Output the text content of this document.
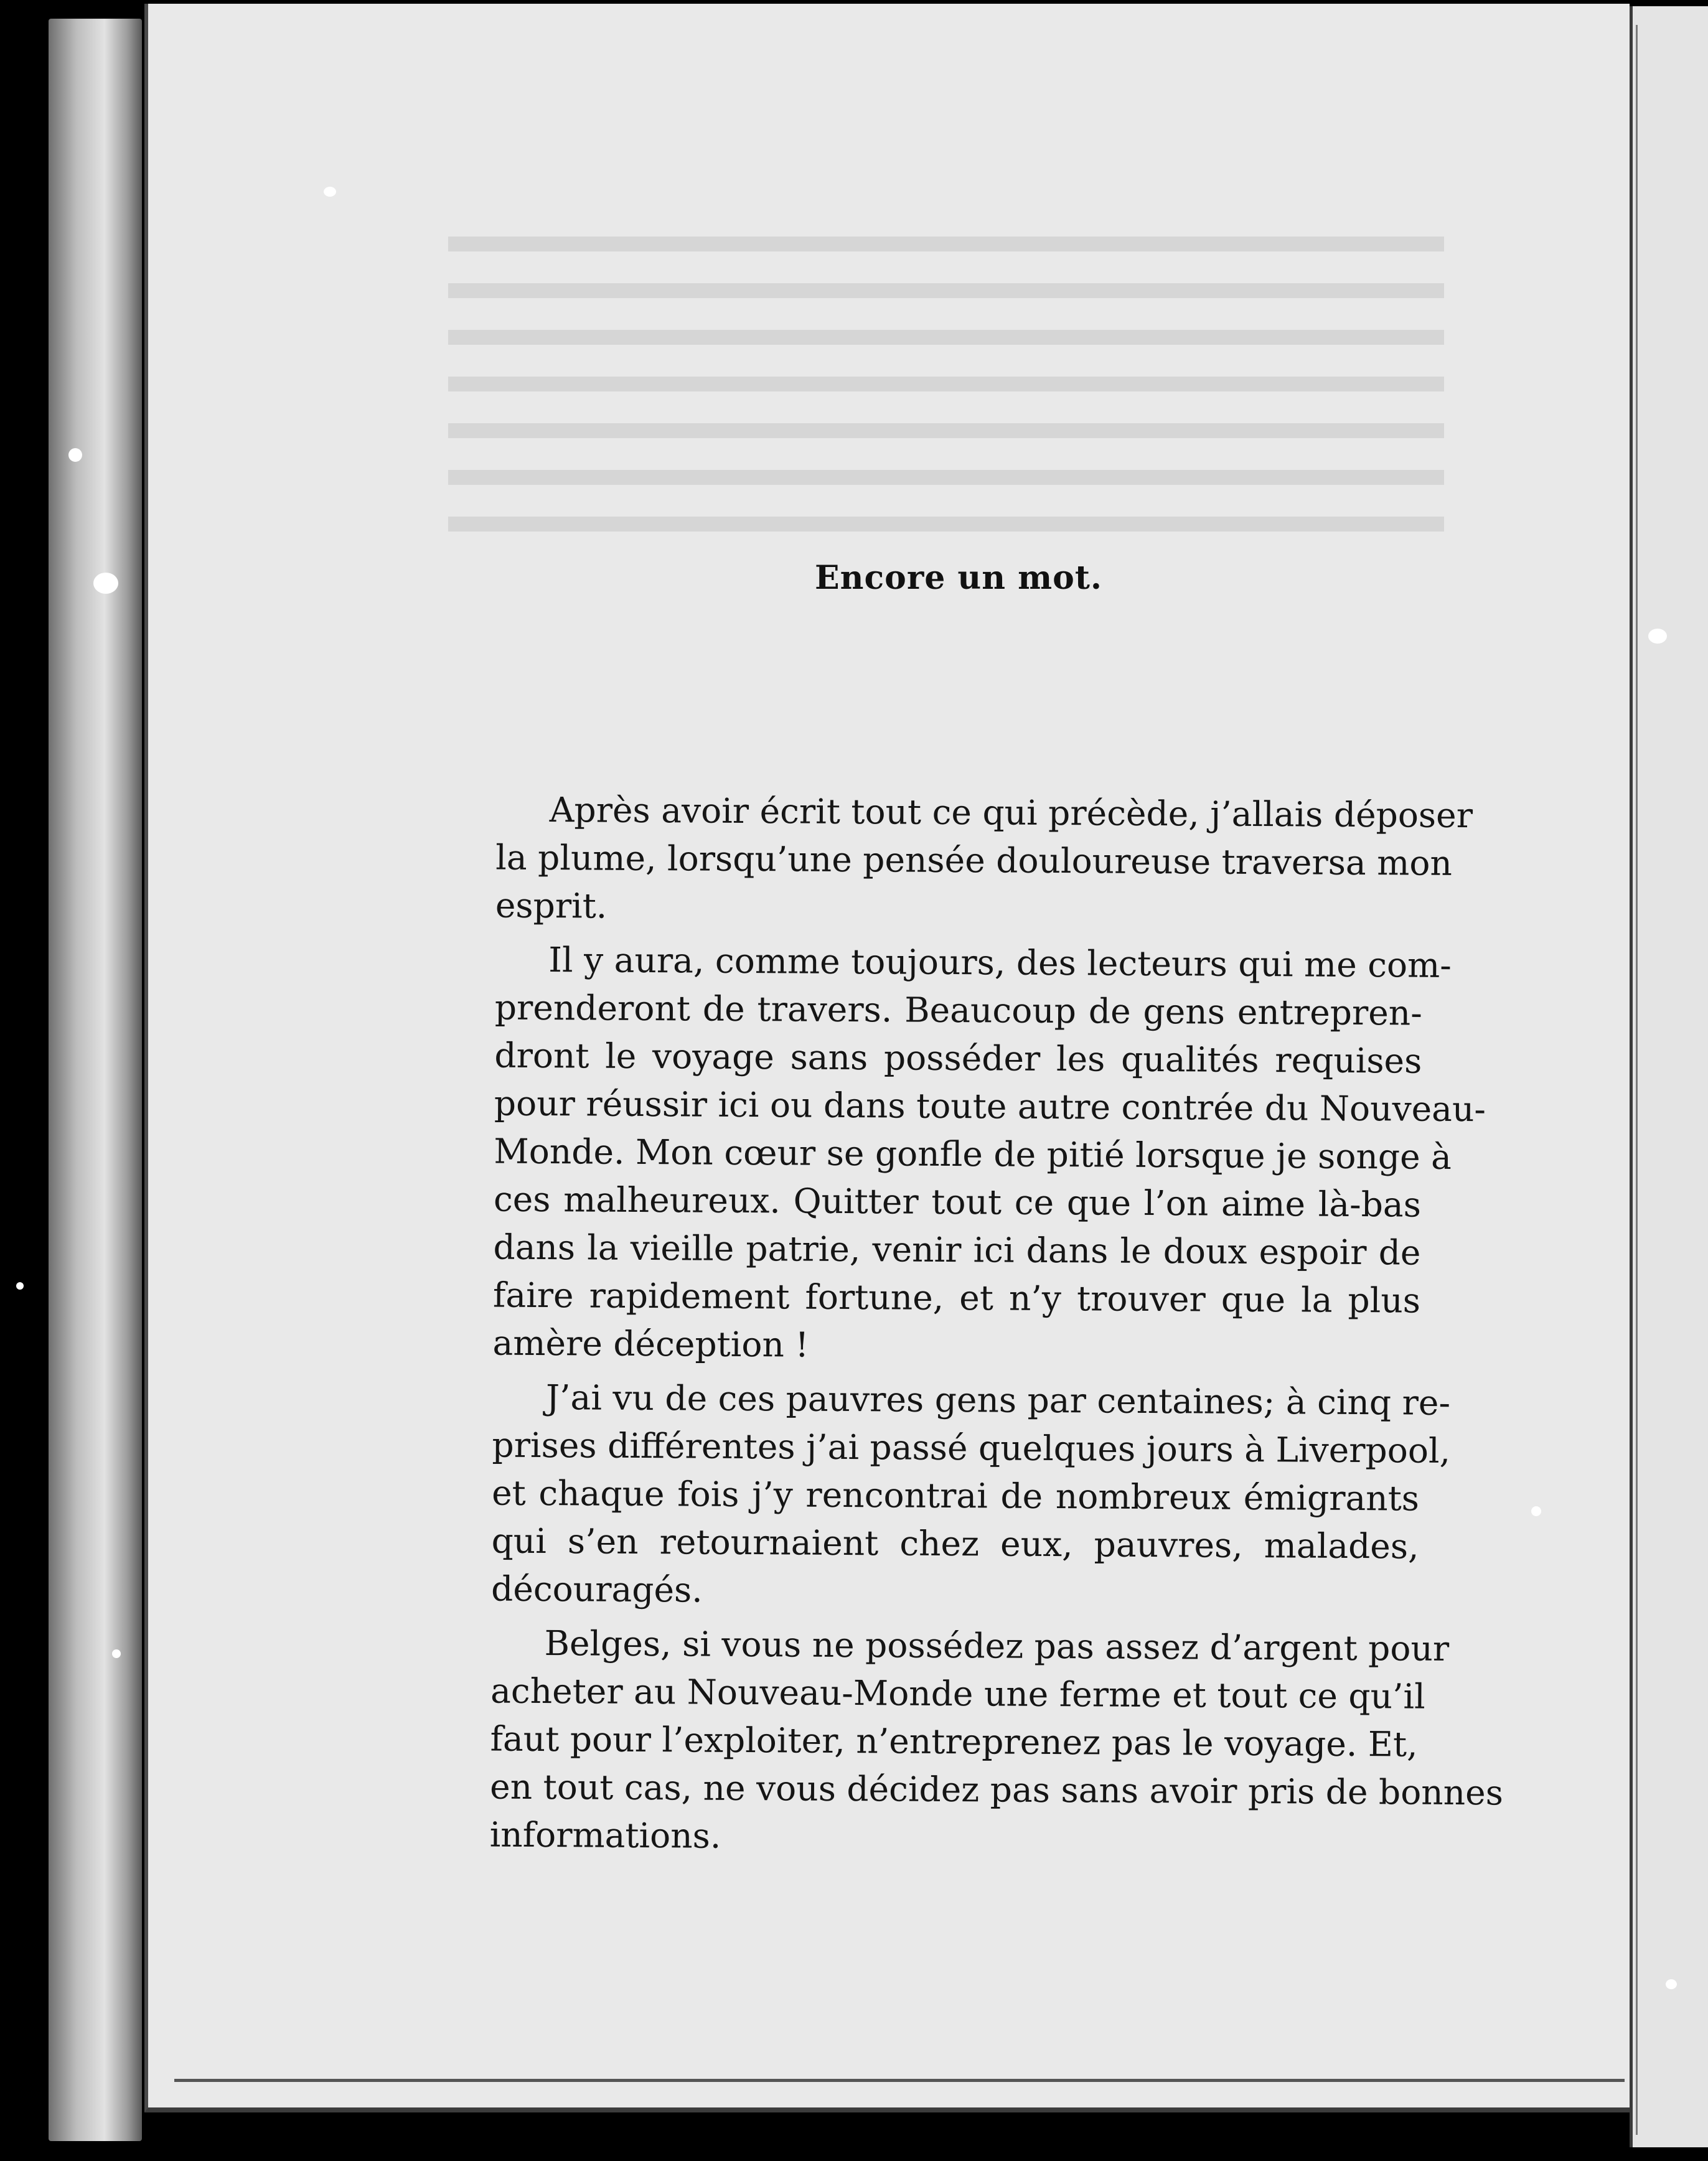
Encore un mot.
Après avoir écrit tout ce qui précède, j’allais déposer
la plume, lorsqu’une pensée douloureuse traversa mon
esprit.
Il y aura, comme toujours, des lecteurs qui me com-
prenderont de travers. Beaucoup de gens entrepren-
dront le voyage sans posséder les qualités requises
pour réussir ici ou dans toute autre contrée du Nouveau-
Monde. Mon cœur se gonfle de pitié lorsque je songe à
ces malheureux. Quitter tout ce que l’on aime là-bas
dans la vieille patrie, venir ici dans le doux espoir de
faire rapidement fortune, et n’y trouver que la plus
amère déception !
J’ai vu de ces pauvres gens par centaines; à cinq re-
prises différentes j’ai passé quelques jours à Liverpool,
et chaque fois j’y rencontrai de nombreux émigrants
qui s’en retournaient chez eux, pauvres, malades,
découragés.
Belges, si vous ne possédez pas assez d’argent pour
acheter au Nouveau-Monde une ferme et tout ce qu’il
faut pour l’exploiter, n’entreprenez pas le voyage. Et,
en tout cas, ne vous décidez pas sans avoir pris de bonnes
informations.
